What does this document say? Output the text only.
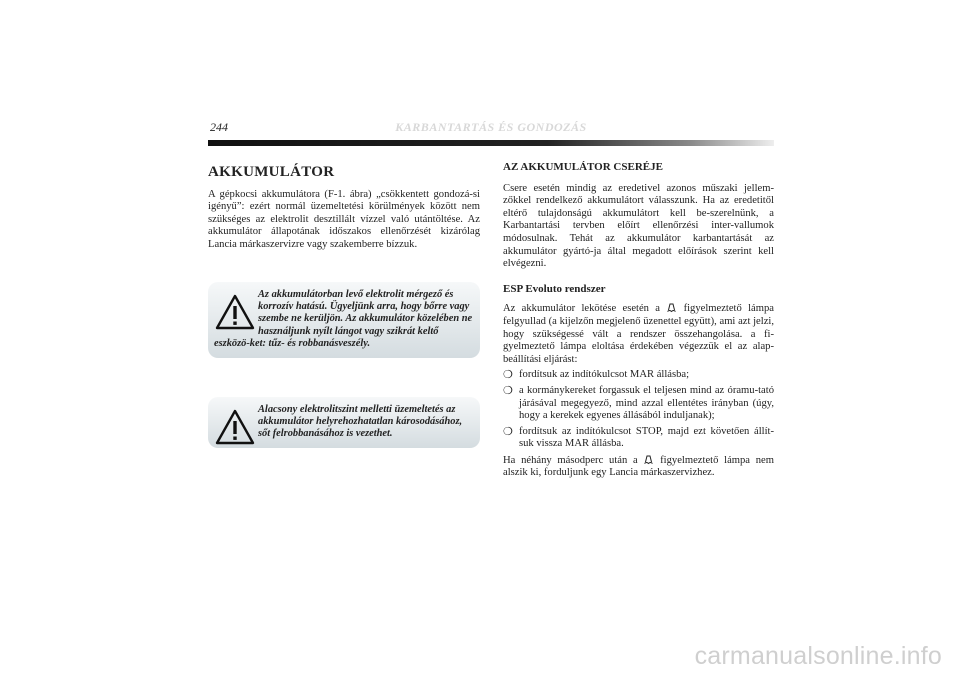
244	KARBANTARTÁS ÉS GONDOZÁS
AKKUMULÁTOR

A gépkocsi akkumulátora (F-1. ábra) „csökkentett gondozá-si igényű”: ezért normál üzemeltetési körülmények között nem szükséges az elektrolit desztillált vízzel való utántöltése. Az akkumulátor állapotának időszakos ellenőrzését kizárólag Lancia márkaszervizre vagy szakemberre bízzuk.

Az akkumulátorban levő elektrolit mérgező és korrozív hatású. Ügyeljünk arra, hogy bőrre vagy szembe ne kerüljön. Az akkumulátor közelében ne használjunk nyílt lángot vagy szikrát keltő eszközö-ket: tűz- és robbanásveszély.
Alacsony elektrolitszint melletti üzemeltetés az akkumulátor helyrehozhatatlan károsodásához, sőt felrobbanásához is vezethet.
AZ AKKUMULÁTOR CSERÉJE

Csere esetén mindig az eredetivel azonos műszaki jellem-zőkkel rendelkező akkumulátort válasszunk. Ha az eredetitől eltérő tulajdonságú akkumulátort kell be-szerelnünk, a Karbantartási tervben előírt ellenőrzési inter-vallumok módosulnak. Tehát az akkumulátor karbantartását az akkumulátor gyártó-ja által megadott előírások szerint kell elvégezni.

ESP Evoluto rendszer

Az akkumulátor lekötése esetén a figyelmeztető lámpa felgyullad (a kijelzőn megjelenő üzenettel együtt), ami azt jelzi, hogy szükségessé vált a rendszer összehangolása. a fi-gyelmeztető lámpa eloltása érdekében végezzük el az alap-beállítási eljárást:

❍ fordítsuk az indítókulcsot MAR állásba;
❍ a kormánykereket forgassuk el teljesen mind az óramu-tató járásával megegyező, mind azzal ellentétes irányban (úgy, hogy a kerekek egyenes állásából induljanak);
❍ fordítsuk az indítókulcsot STOP, majd ezt követően állít-suk vissza MAR állásba.

Ha néhány másodperc után a figyelmeztető lámpa nem alszik ki, forduljunk egy Lancia márkaszervizhez.

carmanualsonline.info
